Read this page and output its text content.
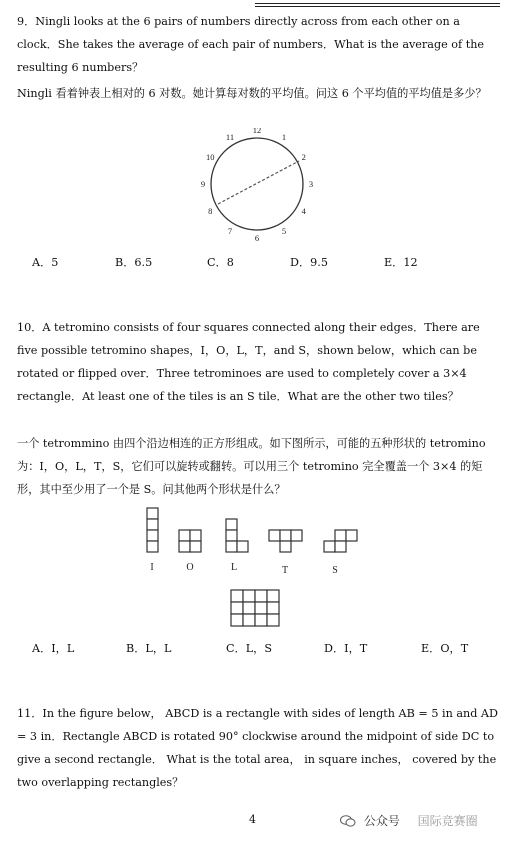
9．Ningli looks at the 6 pairs of numbers directly across from each other on a clock．She takes the average of each pair of numbers．What is the average of the resulting 6 numbers？
Ningli 看着钟表上相对的 6 对数。她计算每对数的平均值。问这 6 个平均值的平均值是多少？
12
1
2
3
4
5
6
7
8
9
10
11
A．5	B．6.5	C．8	D．9.5	E．12
10．A tetromino consists of four squares connected along their edges．There are five possible tetromino shapes，I，O，L，T，and S，shown below，which can be rotated or flipped over．Three tetrominoes are used to completely cover a 3×4 rectangle．At least one of the tiles is an S tile．What are the other two tiles？
一个 tetrommino 由四个沿边相连的正方形组成。如下图所示，可能的五种形状的 tetromino 为：I，O，L，T，S，它们可以旋转或翻转。可以用三个 tetromino 完全覆盖一个 3×4 的矩形，其中至少用了一个是 S。问其他两个形状是什么？
I	O	L	T	S
A．I，L	B．L，L	C．L，S	D．I，T	E．O，T
11．In the figure below， ABCD is a rectangle with sides of length AB = 5 in and AD = 3 in．Rectangle ABCD is rotated 90° clockwise around the midpoint of side DC to give a second rectangle． What is the total area， in square inches， covered by the two overlapping rectangles？
4	公众号 国际竞赛圈
